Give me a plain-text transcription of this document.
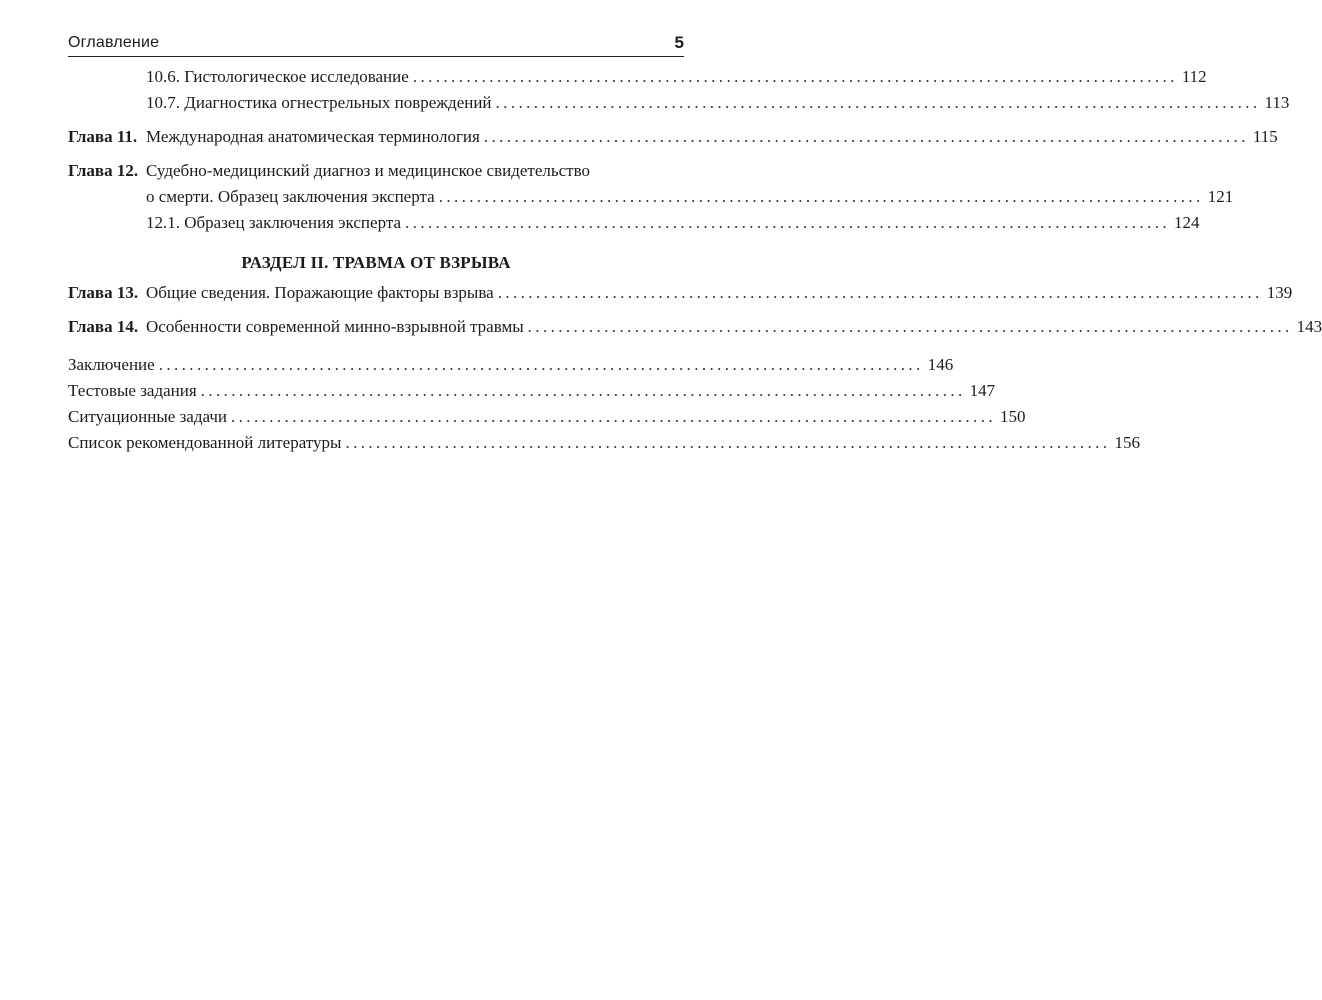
Оглавление	5
10.6. Гистологическое исследование .................................................................................................... 112
10.7. Диагностика огнестрельных повреждений .................................................................................................... 113
Глава 11. Международная анатомическая терминология .................................................................................................... 115
Глава 12. Судебно-медицинский диагноз и медицинское свидетельство
о смерти. Образец заключения эксперта .................................................................................................... 121
12.1. Образец заключения эксперта .................................................................................................... 124
РАЗДЕЛ II. ТРАВМА ОТ ВЗРЫВА
Глава 13. Общие сведения. Поражающие факторы взрыва .................................................................................................... 139
Глава 14. Особенности современной минно-взрывной травмы .................................................................................................... 143
Заключение .................................................................................................... 146
Тестовые задания .................................................................................................... 147
Ситуационные задачи .................................................................................................... 150
Список рекомендованной литературы .................................................................................................... 156
